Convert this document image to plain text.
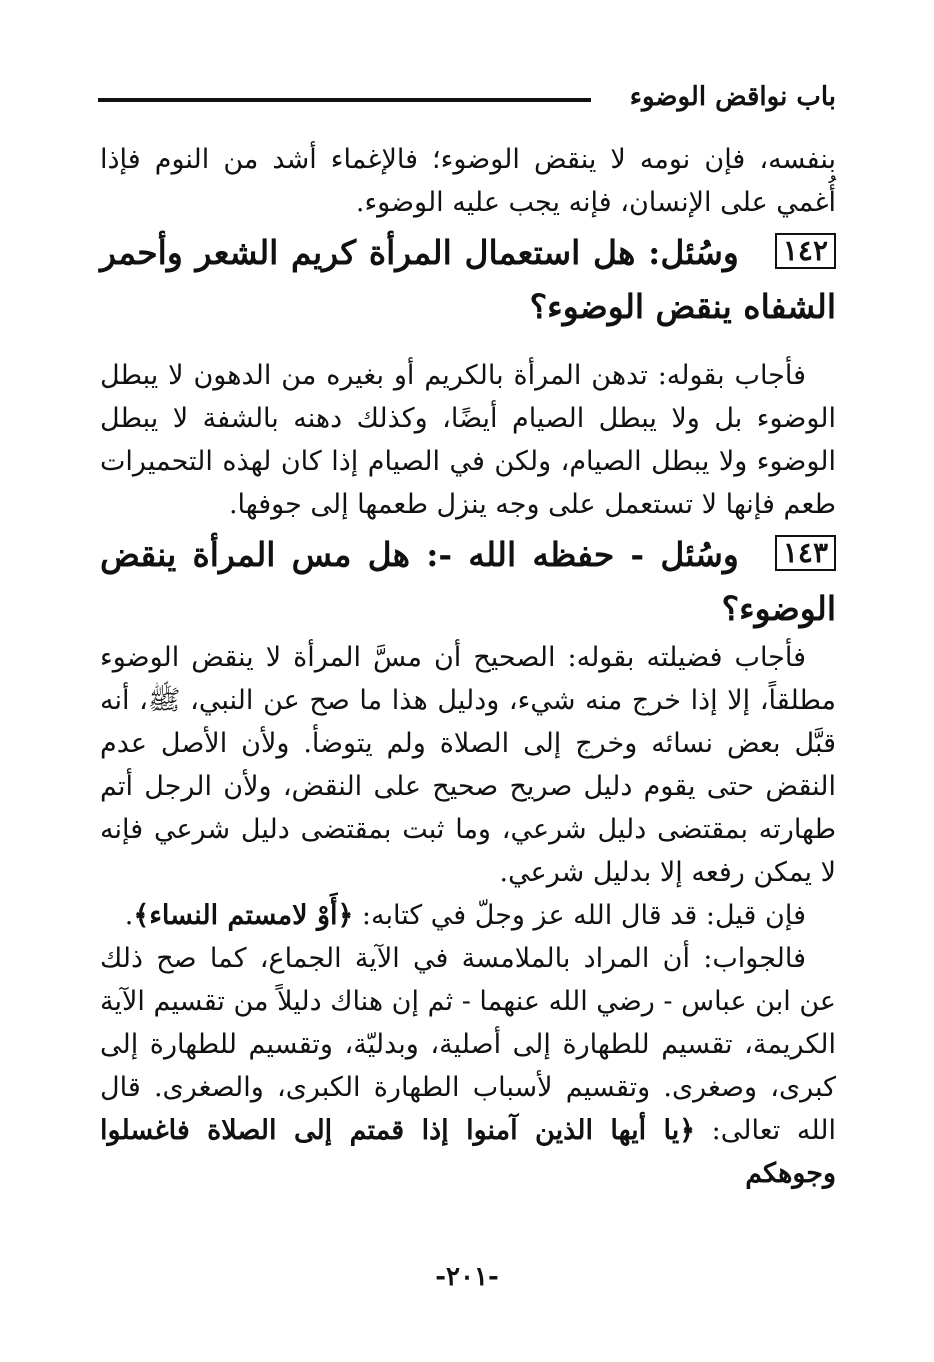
باب نواقض الوضوء

بنفسه، فإن نومه لا ينقض الوضوء؛ فالإغماء أشد من النوم فإذا أُغمي على الإنسان، فإنه يجب عليه الوضوء.

١٤٢وسُئل: هل استعمال المرأة كريم الشعر وأحمر الشفاه ينقض الوضوء؟

فأجاب بقوله: تدهن المرأة بالكريم أو بغيره من الدهون لا يبطل الوضوء بل ولا يبطل الصيام أيضًا، وكذلك دهنه بالشفة لا يبطل الوضوء ولا يبطل الصيام، ولكن في الصيام إذا كان لهذه التحميرات طعم فإنها لا تستعمل على وجه ينزل طعمها إلى جوفها.

١٤٣وسُئل - حفظه الله -: هل مس المرأة ينقض الوضوء؟

فأجاب فضيلته بقوله: الصحيح أن مسَّ المرأة لا ينقض الوضوء مطلقاً، إلا إذا خرج منه شيء، ودليل هذا ما صح عن النبي، ﷺ، أنه قبَّل بعض نسائه وخرج إلى الصلاة ولم يتوضأ. ولأن الأصل عدم النقض حتى يقوم دليل صريح صحيح على النقض، ولأن الرجل أتم طهارته بمقتضى دليل شرعي، وما ثبت بمقتضى دليل شرعي فإنه لا يمكن رفعه إلا بدليل شرعي.

فإن قيل: قد قال الله عز وجلّ في كتابه: ﴿أَوْ لامستم النساء﴾.

فالجواب: أن المراد بالملامسة في الآية الجماع، كما صح ذلك عن ابن عباس - رضي الله عنهما - ثم إن هناك دليلاً من تقسيم الآية الكريمة، تقسيم للطهارة إلى أصلية، وبدليّة، وتقسيم للطهارة إلى كبرى، وصغرى. وتقسيم لأسباب الطهارة الكبرى، والصغرى. قال الله تعالى: ﴿يا أيها الذين آمنوا إذا قمتم إلى الصلاة فاغسلوا وجوهكم

-٢٠١-
